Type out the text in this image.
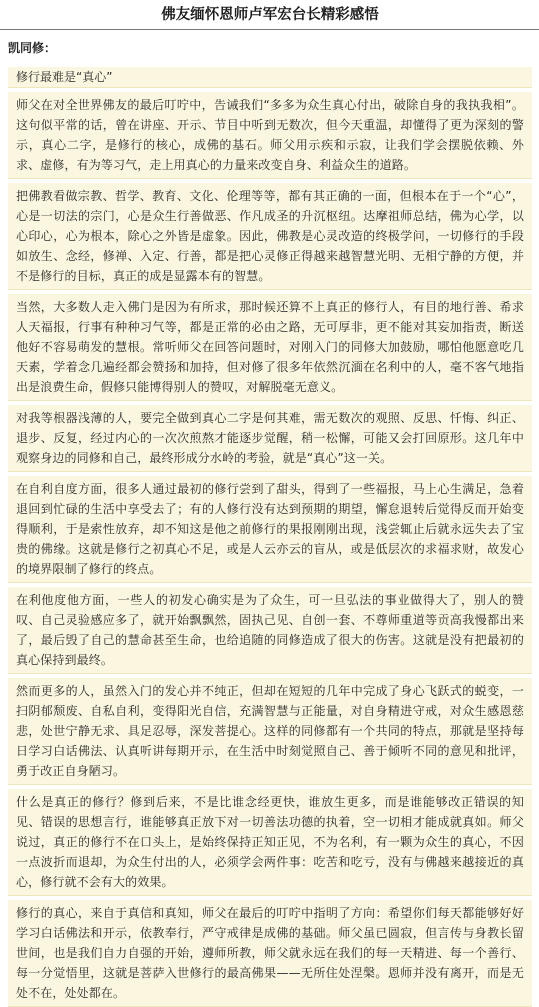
佛友缅怀恩师卢军宏台长精彩感悟
凯同修：
修行最难是“真心”
师父在对全世界佛友的最后叮咛中，告诫我们“多多为众生真心付出，破除自身的我执我相”。这句似平常的话，曾在讲座、开示、节目中听到无数次，但今天重温，却懂得了更为深刻的警示，真心二字，是修行的核心，成佛的基石。师父用示疾和示寂，让我们学会摆脱依赖、外求、虚修，有为等习气，走上用真心的力量来改变自身、利益众生的道路。
把佛教看做宗教、哲学、教育、文化、伦理等等，都有其正确的一面，但根本在于一个“心”，心是一切法的宗门，心是众生行善做恶、作凡成圣的升沉枢纽。达摩祖师总结，佛为心学，以心印心，心为根本，除心之外皆是虚象。因此，佛教是心灵改造的终极学问，一切修行的手段如放生、念经，修禅、入定、行善，都是把心灵修正得越来越智慧光明、无相宁静的方便，并不是修行的目标，真正的成是显露本有的智慧。
当然，大多数人走入佛门是因为有所求，那时候还算不上真正的修行人，有目的地行善、希求人天福报，行事有种种习气等，都是正常的必由之路，无可厚非，更不能对其妄加指责，断送他好不容易萌发的慧根。常听师父在回答问题时，对刚入门的同修大加鼓励，哪怕他愿意吃几天素，学着念几遍经都会赞扬和加持，但对修了很多年依然沉湎在名利中的人，毫不客气地指出是浪费生命，假修只能博得别人的赞叹，对解脱毫无意义。
对我等根器浅薄的人，要完全做到真心二字是何其难，需无数次的观照、反思、忏悔、纠正、退步、反复，经过内心的一次次煎熬才能逐步觉醒，稍一松懈，可能又会打回原形。这几年中观察身边的同修和自己，最终形成分水岭的考验，就是“真心”这一关。
在自利自度方面，很多人通过最初的修行尝到了甜头，得到了一些福报，马上心生满足，急着退回到忙碌的生活中享受去了；有的人修行没有达到预期的期望，懈怠退转后觉得反而开始变得顺利，于是索性放弃，却不知这是他之前修行的果报刚刚出现，浅尝辄止后就永远失去了宝贵的佛缘。这就是修行之初真心不足，或是人云亦云的盲从，或是低层次的求福求财，故发心的境界限制了修行的终点。
在利他度他方面，一些人的初发心确实是为了众生，可一旦弘法的事业做得大了，别人的赞叹、自己灵验感应多了，就开始飘飘然，固执己见、自创一套、不尊师重道等贡高我慢都出来了，最后毁了自己的慧命甚至生命，也给追随的同修造成了很大的伤害。这就是没有把最初的真心保持到最终。
然而更多的人，虽然入门的发心并不纯正，但却在短短的几年中完成了身心飞跃式的蜕变，一扫阴郁颓废、自私自利，变得阳光自信，充满智慧与正能量，对自身精进守戒，对众生感恩慈悲，处世宁静无求、具足忍辱，深发菩提心。这样的同修都有一个共同的特点，那就是坚持每日学习白话佛法、认真听讲每期开示，在生活中时刻觉照自己、善于倾听不同的意见和批评，勇于改正自身陋习。
什么是真正的修行？修到后来，不是比谁念经更快，谁放生更多，而是谁能够改正错误的知见、错误的思想言行，谁能够真正放下对一切善法功德的执着，空一切相才能成就真如。师父说过，真正的修行不在口头上，是始终保持正知正见，不为名利，有一颗为众生的真心，不因一点波折而退却，为众生付出的人，必须学会两件事：吃苦和吃亏，没有与佛越来越接近的真心，修行就不会有大的效果。
修行的真心，来自于真信和真知，师父在最后的叮咛中指明了方向：希望你们每天都能够好好学习白话佛法和开示，依教奉行，严守戒律是成佛的基础。师父虽已圆寂，但言传与身教长留世间，也是我们自力自强的开始，遵师所教，师父就永远在我们的每一天精进、每一个善行、每一分觉悟里，这就是菩萨入世修行的最高佛果——无所住处涅槃。恩师并没有离开，而是无处不在，处处都在。
